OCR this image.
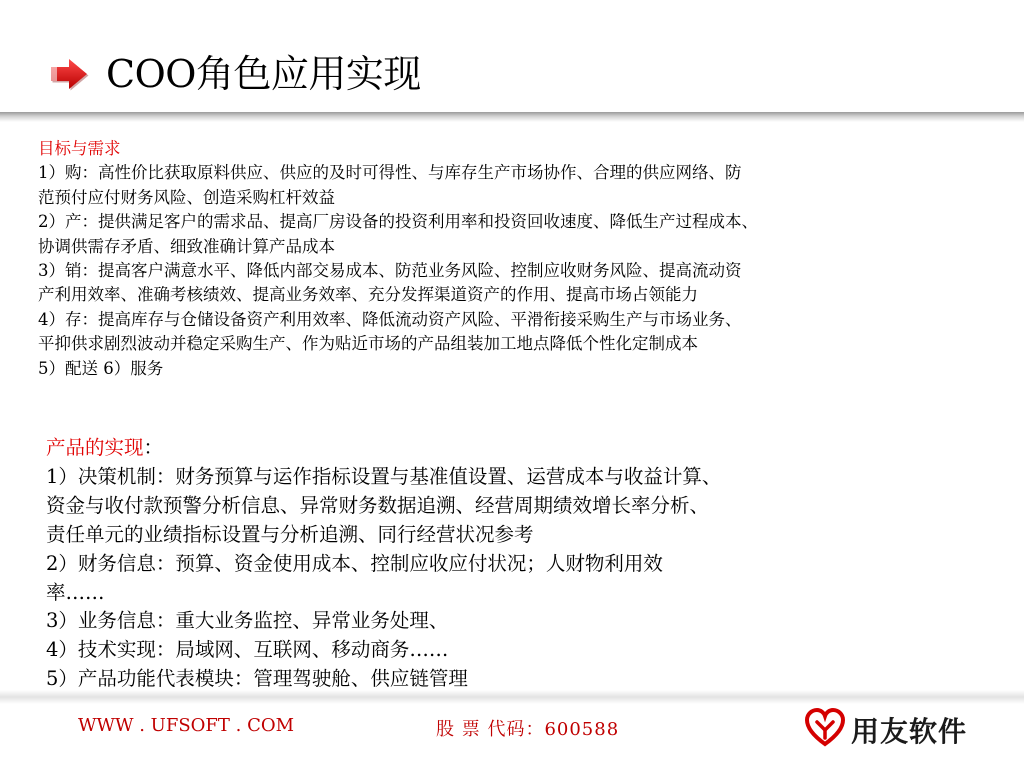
COO角色应用实现
目标与需求
1）购：高性价比获取原料供应、供应的及时可得性、与库存生产市场协作、合理的供应网络、防
范预付应付财务风险、创造采购杠杆效益
2）产：提供满足客户的需求品、提高厂房设备的投资利用率和投资回收速度、降低生产过程成本、
协调供需存矛盾、细致准确计算产品成本
3）销：提高客户满意水平、降低内部交易成本、防范业务风险、控制应收财务风险、提高流动资
产利用效率、准确考核绩效、提高业务效率、充分发挥渠道资产的作用、提高市场占领能力
4）存：提高库存与仓储设备资产利用效率、降低流动资产风险、平滑衔接采购生产与市场业务、
平抑供求剧烈波动并稳定采购生产、作为贴近市场的产品组装加工地点降低个性化定制成本
5）配送 6）服务
产品的实现：
1）决策机制：财务预算与运作指标设置与基准值设置、运营成本与收益计算、
资金与收付款预警分析信息、异常财务数据追溯、经营周期绩效增长率分析、
责任单元的业绩指标设置与分析追溯、同行经营状况参考
2）财务信息：预算、资金使用成本、控制应收应付状况；人财物利用效
率……
3）业务信息：重大业务监控、异常业务处理、
4）技术实现：局域网、互联网、移动商务……
5）产品功能代表模块：管理驾驶舱、供应链管理
WWW . UFSOFT . COM	股 票 代码：600588	用友软件
